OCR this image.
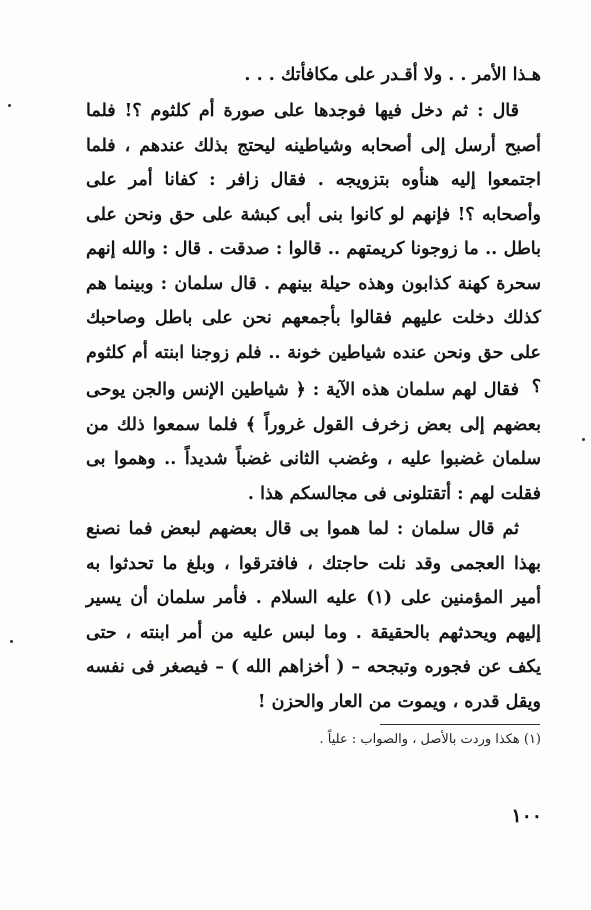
هـذا الأمر . . ولا أقـدر على مكافأتك . . .

قال : ثم دخل فيها فوجدها على صورة أم كلثوم ؟! فلما أصبح أرسل إلى أصحابه وشياطينه ليحتج بذلك عندهم ، فلما اجتمعوا إليه هنأوه بتزويجه . فقال زافر : كفانا أمر على وأصحابه ؟! فإنهم لو كانوا بنى أبى كبشة على حق ونحن على باطل .. ما زوجونا كريمتهم .. قالوا : صدقت . قال : والله إنهم سحرة كهنة كذابون وهذه حيلة بينهم . قال سلمان : وبينما هم كذلك دخلت عليهم فقالوا بأجمعهم نحن على باطل وصاحبك على حق ونحن عنده شياطين خونة .. فلم زوجنا ابنته أم كلثوم ؟

فقال لهم سلمان هذه الآية : ﴿ شياطين الإنس والجن يوحى بعضهم إلى بعض زخرف القول غروراً ﴾ فلما سمعوا ذلك من سلمان غضبوا عليه ، وغضب الثانى غضباً شديداً .. وهموا بى فقلت لهم : أتقتلونى فى مجالسكم هذا .

ثم قال سلمان : لما هموا بى قال بعضهم لبعض فما نصنع بهذا العجمى وقد نلت حاجتك ، فافترقوا ، وبلغ ما تحدثوا به أمير المؤمنين على (١) عليه السلام . فأمر سلمان أن يسير إليهم ويحدثهم بالحقيقة . وما لبس عليه من أمر ابنته ، حتى يكف عن فجوره وتبجحه – ( أخزاهم الله ) – فيصغر فى نفسه ويقل قدره ، ويموت من العار والحزن !

(١) هكذا وردت بالأصل ، والصواب : علياً .
١٠٠
